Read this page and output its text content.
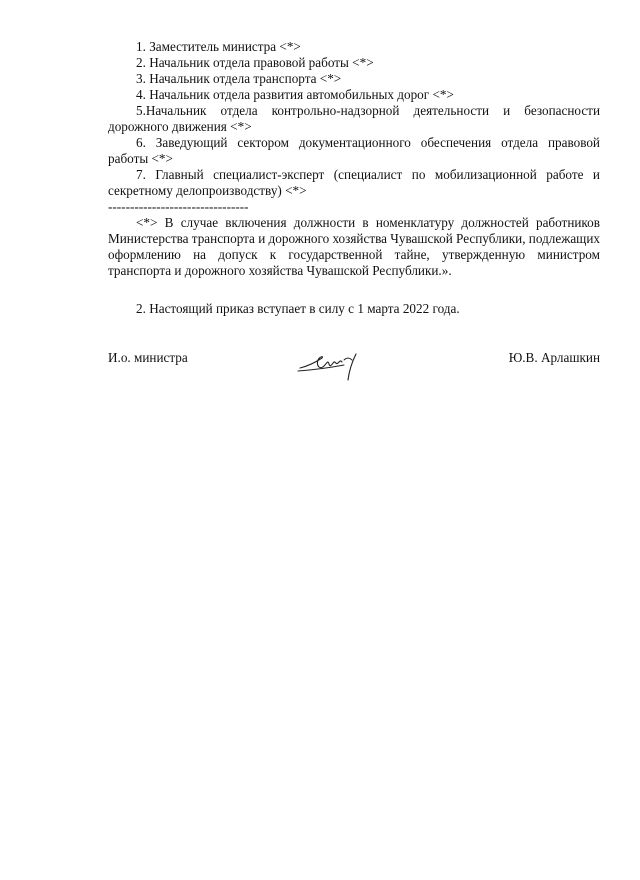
1. Заместитель министра <*>

2. Начальник отдела правовой работы <*>

3. Начальник отдела транспорта <*>

4. Начальник отдела развития автомобильных дорог <*>

5.Начальник отдела контрольно-надзорной деятельности и безопасности дорожного движения <*>

6. Заведующий сектором документационного обеспечения отдела правовой работы <*>

7. Главный специалист-эксперт (специалист по мобилизационной работе и секретному делопроизводству) <*>

--------------------------------

<*> В случае включения должности в номенклатуру должностей работников Министерства транспорта и дорожного хозяйства Чувашской Республики, подлежащих оформлению на допуск к государственной тайне, утвержденную министром транспорта и дорожного хозяйства Чувашской Республики.».

2. Настоящий приказ вступает в силу с 1 марта 2022 года.

И.о. министра	Ю.В. Арлашкин
